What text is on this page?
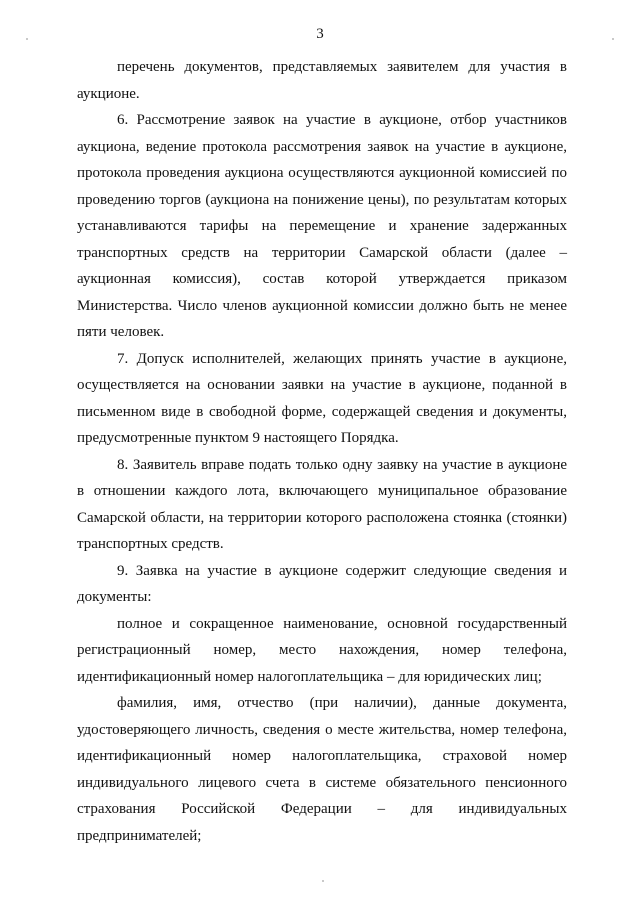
3

перечень документов, представляемых заявителем для участия в аукционе.

6. Рассмотрение заявок на участие в аукционе, отбор участников аукциона, ведение протокола рассмотрения заявок на участие в аукционе, протокола проведения аукциона осуществляются аукционной комиссией по проведению торгов (аукциона на понижение цены), по результатам которых устанавливаются тарифы на перемещение и хранение задержанных транспортных средств на территории Самарской области (далее – аукционная комиссия), состав которой утверждается приказом Министерства. Число членов аукционной комиссии должно быть не менее пяти человек.

7. Допуск исполнителей, желающих принять участие в аукционе, осуществляется на основании заявки на участие в аукционе, поданной в письменном виде в свободной форме, содержащей сведения и документы, предусмотренные пунктом 9 настоящего Порядка.

8. Заявитель вправе подать только одну заявку на участие в аукционе в отношении каждого лота, включающего муниципальное образование Самарской области, на территории которого расположена стоянка (стоянки) транспортных средств.

9. Заявка на участие в аукционе содержит следующие сведения и документы:

полное и сокращенное наименование, основной государственный регистрационный номер, место нахождения, номер телефона, идентификационный номер налогоплательщика – для юридических лиц;

фамилия, имя, отчество (при наличии), данные документа, удостоверяющего личность, сведения о месте жительства, номер телефона, идентификационный номер налогоплательщика, страховой номер индивидуального лицевого счета в системе обязательного пенсионного страхования Российской Федерации – для индивидуальных предпринимателей;
